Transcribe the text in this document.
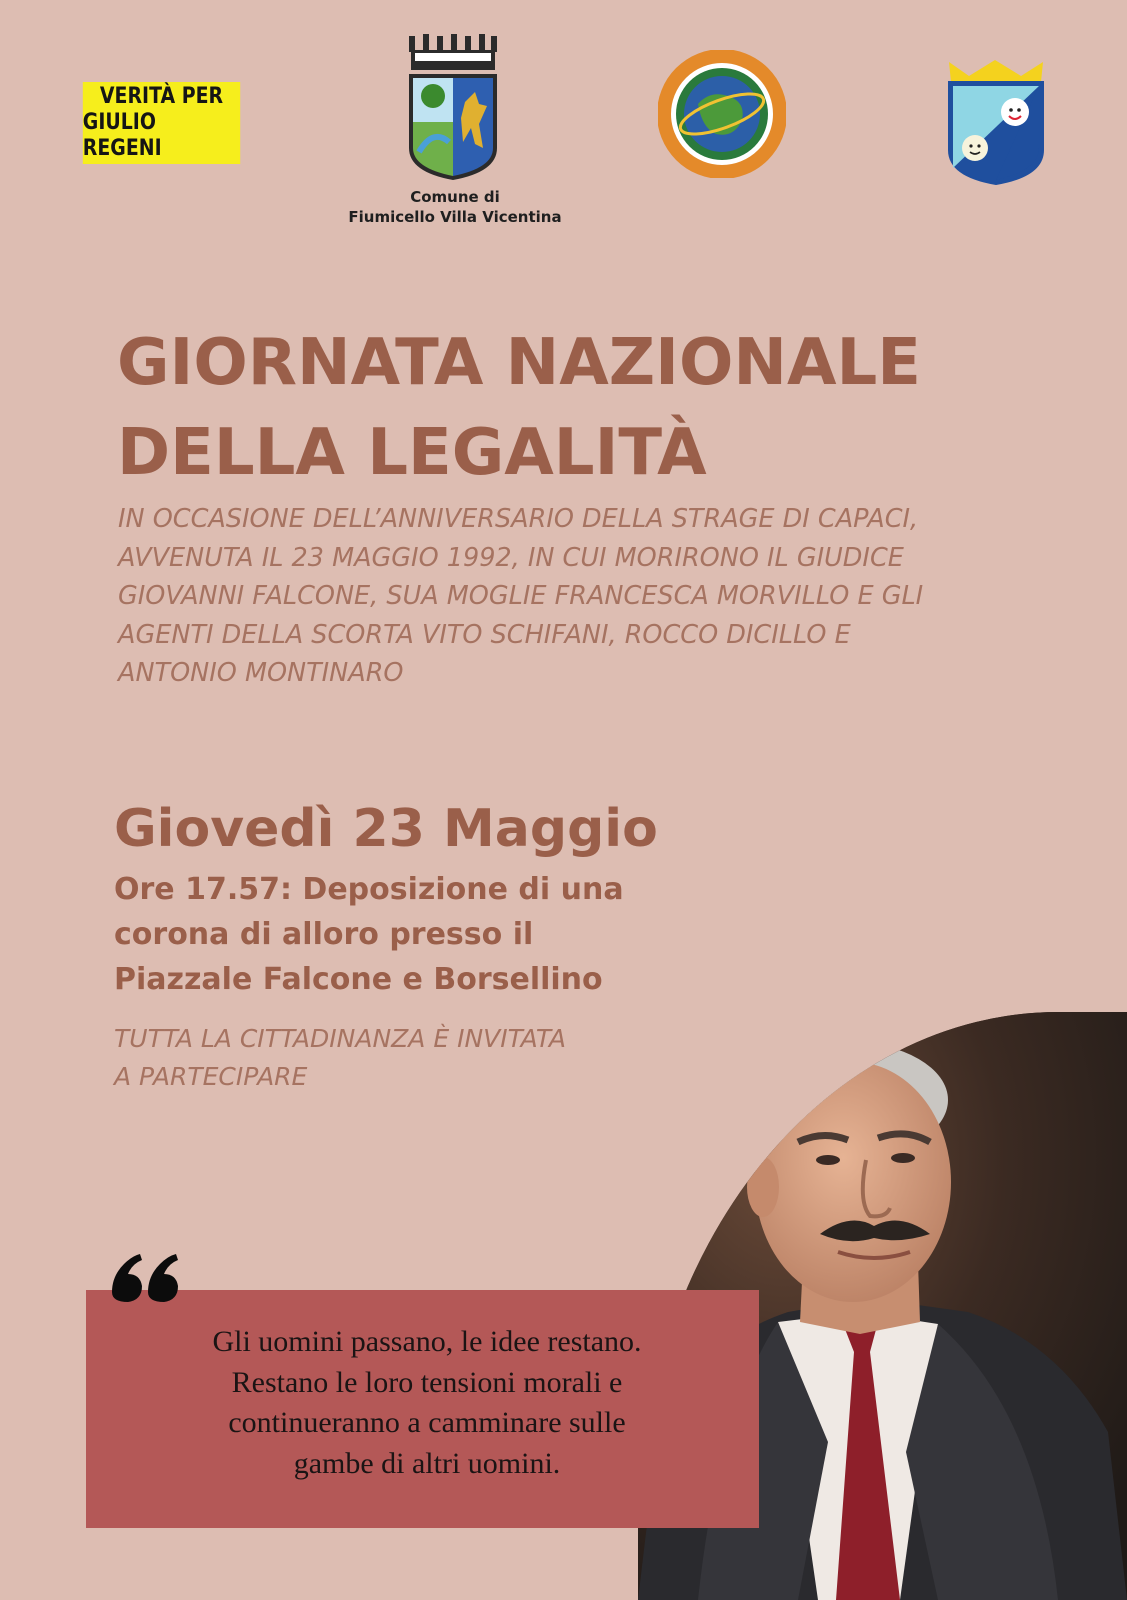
VERITÀ PER
GIULIO REGENI
Comune di
Fiumicello Villa Vicentina
GIORNATA NAZIONALE
DELLA LEGALITÀ
IN OCCASIONE DELL’ANNIVERSARIO DELLA STRAGE DI CAPACI,
AVVENUTA IL 23 MAGGIO 1992, IN CUI MORIRONO IL GIUDICE
GIOVANNI FALCONE, SUA MOGLIE FRANCESCA MORVILLO E GLI
AGENTI DELLA SCORTA VITO SCHIFANI, ROCCO DICILLO E
ANTONIO MONTINARO
Giovedì 23 Maggio
Ore 17.57: Deposizione di una
corona di alloro presso il
Piazzale Falcone e Borsellino
TUTTA LA CITTADINANZA È INVITATA
A PARTECIPARE
Gli uomini passano, le idee restano.
Restano le loro tensioni morali e
continueranno a camminare sulle
gambe di altri uomini.
